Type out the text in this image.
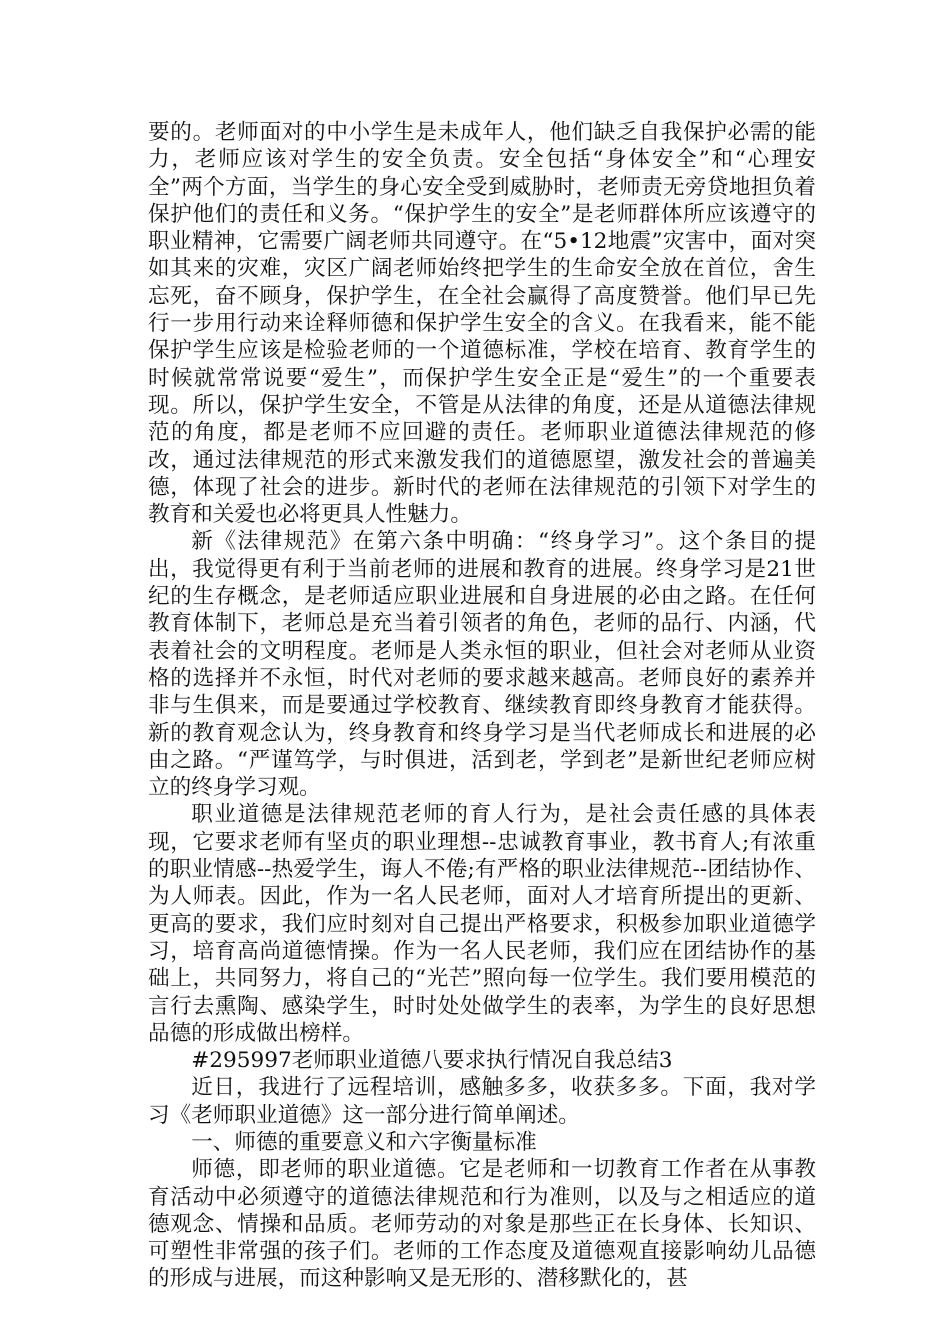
要的。老师面对的中小学生是未成年人，他们缺乏自我保护必需的能力，老师应该对学生的安全负责。安全包括“身体安全”和“心理安全”两个方面，当学生的身心安全受到威胁时，老师责无旁贷地担负着保护他们的责任和义务。“保护学生的安全”是老师群体所应该遵守的职业精神，它需要广阔老师共同遵守。在“5•12地震”灾害中，面对突如其来的灾难，灾区广阔老师始终把学生的生命安全放在首位，舍生忘死，奋不顾身，保护学生，在全社会赢得了高度赞誉。他们早已先行一步用行动来诠释师德和保护学生安全的含义。在我看来，能不能保护学生应该是检验老师的一个道德标准，学校在培育、教育学生的时候就常常说要“爱生”，而保护学生安全正是“爱生”的一个重要表现。所以，保护学生安全，不管是从法律的角度，还是从道德法律规范的角度，都是老师不应回避的责任。老师职业道德法律规范的修改，通过法律规范的形式来激发我们的道德愿望，激发社会的普遍美德，体现了社会的进步。新时代的老师在法律规范的引领下对学生的教育和关爱也必将更具人性魅力。

新《法律规范》在第六条中明确：“终身学习”。这个条目的提出，我觉得更有利于当前老师的进展和教育的进展。终身学习是21世纪的生存概念，是老师适应职业进展和自身进展的必由之路。在任何教育体制下，老师总是充当着引领者的角色，老师的品行、内涵，代表着社会的文明程度。老师是人类永恒的职业，但社会对老师从业资格的选择并不永恒，时代对老师的要求越来越高。老师良好的素养并非与生俱来，而是要通过学校教育、继续教育即终身教育才能获得。新的教育观念认为，终身教育和终身学习是当代老师成长和进展的必由之路。“严谨笃学，与时俱进，活到老，学到老”是新世纪老师应树立的终身学习观。

职业道德是法律规范老师的育人行为，是社会责任感的具体表现，它要求老师有坚贞的职业理想--忠诚教育事业，教书育人;有浓重的职业情感--热爱学生，诲人不倦;有严格的职业法律规范--团结协作、为人师表。因此，作为一名人民老师，面对人才培育所提出的更新、更高的要求，我们应时刻对自己提出严格要求，积极参加职业道德学习，培育高尚道德情操。作为一名人民老师，我们应在团结协作的基础上，共同努力，将自己的“光芒”照向每一位学生。我们要用模范的言行去熏陶、感染学生，时时处处做学生的表率，为学生的良好思想品德的形成做出榜样。

#295997老师职业道德八要求执行情况自我总结3

近日，我进行了远程培训，感触多多，收获多多。下面，我对学习《老师职业道德》这一部分进行简单阐述。

一、师德的重要意义和六字衡量标准

师德，即老师的职业道德。它是老师和一切教育工作者在从事教育活动中必须遵守的道德法律规范和行为准则，以及与之相适应的道德观念、情操和品质。老师劳动的对象是那些正在长身体、长知识、可塑性非常强的孩子们。老师的工作态度及道德观直接影响幼儿品德的形成与进展，而这种影响又是无形的、潜移默化的，甚
